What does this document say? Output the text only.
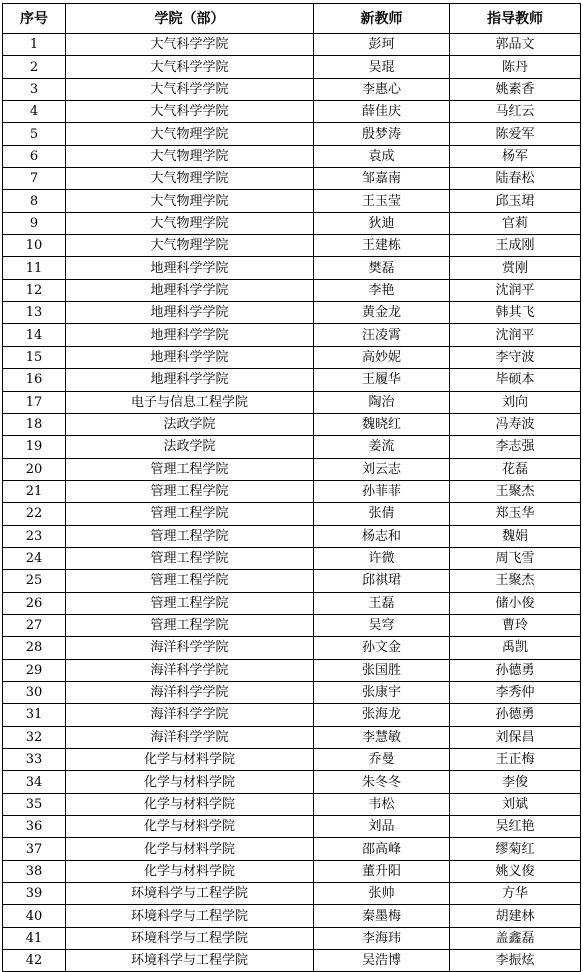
序号	学院（部）	新教师	指导教师
1	大气科学学院	彭珂	郭品文
2	大气科学学院	吴琨	陈丹
3	大气科学学院	李惠心	姚素香
4	大气科学学院	薛佳庆	马红云
5	大气物理学院	殷梦涛	陈爱军
6	大气物理学院	袁成	杨军
7	大气物理学院	邹嘉南	陆春松
8	大气物理学院	王玉莹	邱玉珺
9	大气物理学院	狄迪	官莉
10	大气物理学院	王建栋	王成刚
11	地理科学学院	樊磊	赏刚
12	地理科学学院	李艳	沈润平
13	地理科学学院	黄金龙	韩其飞
14	地理科学学院	汪凌霄	沈润平
15	地理科学学院	高妙妮	李守波
16	地理科学学院	王履华	毕硕本
17	电子与信息工程学院	陶治	刘向
18	法政学院	魏晓红	冯寿波
19	法政学院	姜流	李志强
20	管理工程学院	刘云志	花磊
21	管理工程学院	孙菲菲	王聚杰
22	管理工程学院	张倩	郑玉华
23	管理工程学院	杨志和	魏娟
24	管理工程学院	许微	周飞雪
25	管理工程学院	邱祺珺	王聚杰
26	管理工程学院	王磊	储小俊
27	管理工程学院	吴穹	曹玲
28	海洋科学学院	孙文金	禹凯
29	海洋科学学院	张国胜	孙德勇
30	海洋科学学院	张康宇	李秀仲
31	海洋科学学院	张海龙	孙德勇
32	海洋科学学院	李慧敏	刘保昌
33	化学与材料学院	乔曼	王正梅
34	化学与材料学院	朱冬冬	李俊
35	化学与材料学院	韦松	刘斌
36	化学与材料学院	刘品	吴红艳
37	化学与材料学院	邵高峰	缪菊红
38	化学与材料学院	董升阳	姚义俊
39	环境科学与工程学院	张帅	方华
40	环境科学与工程学院	秦墨梅	胡建林
41	环境科学与工程学院	李海玮	盖鑫磊
42	环境科学与工程学院	吴浩博	李振炫
